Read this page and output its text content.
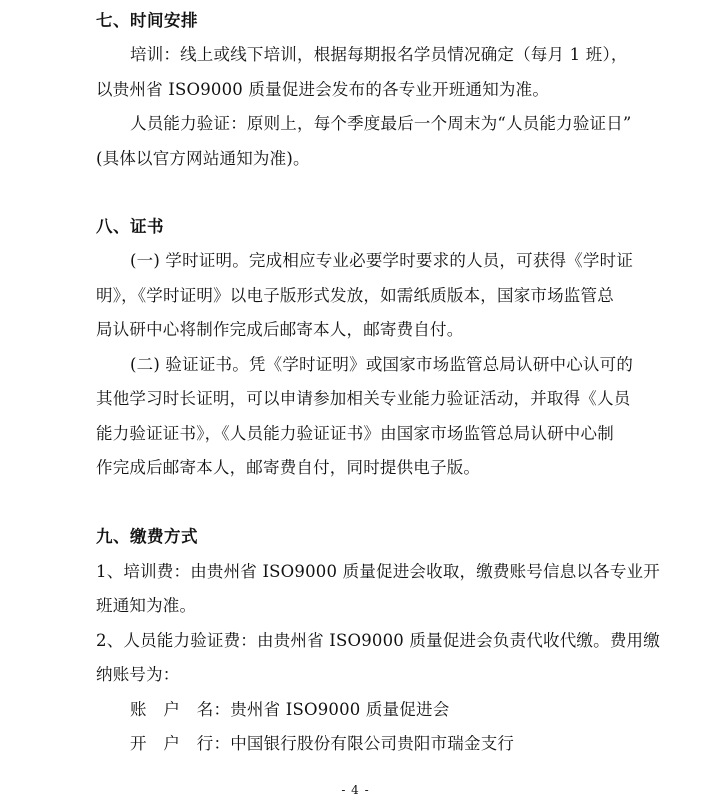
七、时间安排
培训：线上或线下培训，根据每期报名学员情况确定（每月 1 班），
以贵州省 ISO9000 质量促进会发布的各专业开班通知为准。
人员能力验证：原则上，每个季度最后一个周末为“人员能力验证日”
(具体以官方网站通知为准)。
八、证书
(一) 学时证明。完成相应专业必要学时要求的人员，可获得《学时证
明》，《学时证明》以电子版形式发放，如需纸质版本，国家市场监管总
局认研中心将制作完成后邮寄本人，邮寄费自付。
(二) 验证证书。凭《学时证明》或国家市场监管总局认研中心认可的
其他学习时长证明，可以申请参加相关专业能力验证活动，并取得《人员
能力验证证书》，《人员能力验证证书》由国家市场监管总局认研中心制
作完成后邮寄本人，邮寄费自付，同时提供电子版。
九、缴费方式
1、培训费：由贵州省 ISO9000 质量促进会收取，缴费账号信息以各专业开
班通知为准。
2、人员能力验证费：由贵州省 ISO9000 质量促进会负责代收代缴。费用缴
纳账号为：
账　户　名：贵州省 ISO9000 质量促进会
开　户　行：中国银行股份有限公司贵阳市瑞金支行
- 4 -
